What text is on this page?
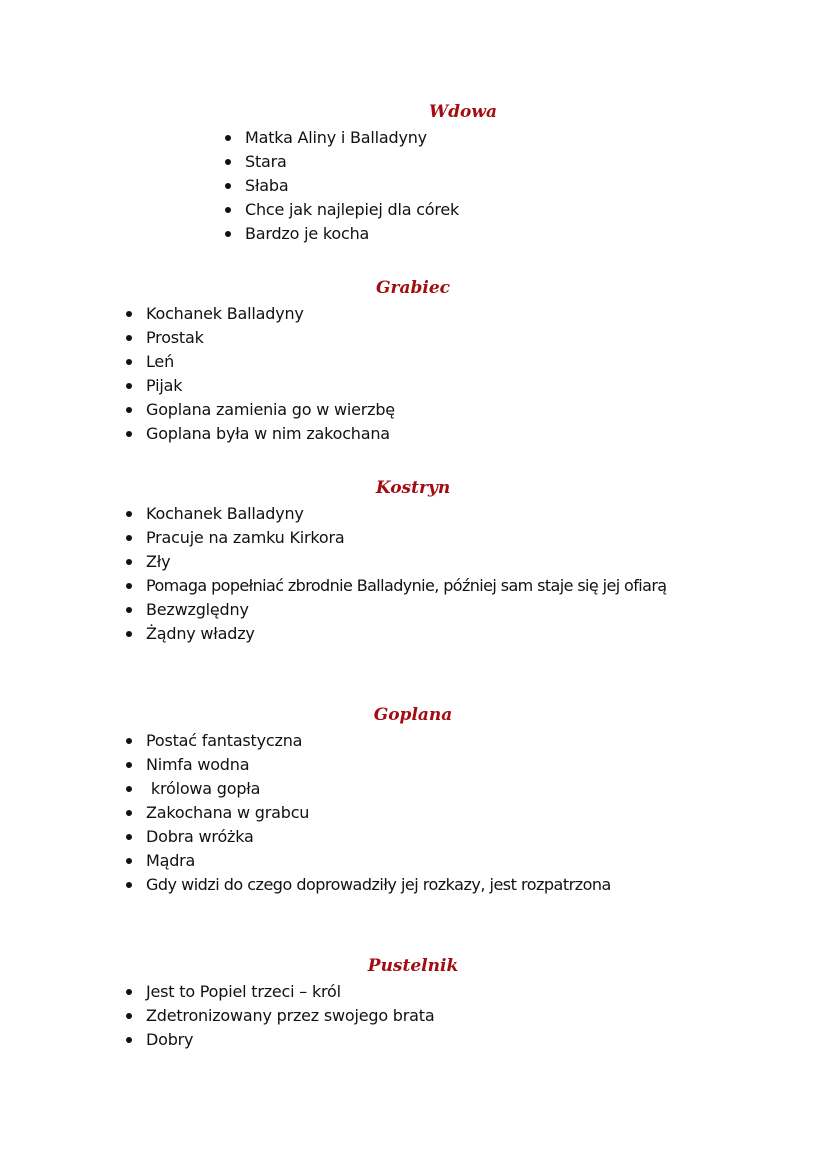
Wdowa
Matka Aliny i Balladyny
Stara
Słaba
Chce jak najlepiej dla córek
Bardzo je kocha
Grabiec
Kochanek Balladyny
Prostak
Leń
Pijak
Goplana zamienia go w wierzbę
Goplana była w nim zakochana
Kostryn
Kochanek Balladyny
Pracuje na zamku Kirkora
Zły
Pomaga popełniać zbrodnie Balladynie, później sam staje się jej ofiarą
Bezwzględny
Żądny władzy
Goplana
Postać fantastyczna
Nimfa wodna
królowa gopła
Zakochana w grabcu
Dobra wróżka
Mądra
Gdy widzi do czego doprowadziły jej rozkazy, jest rozpatrzona
Pustelnik
Jest to Popiel trzeci – król
Zdetronizowany przez swojego brata
Dobry
